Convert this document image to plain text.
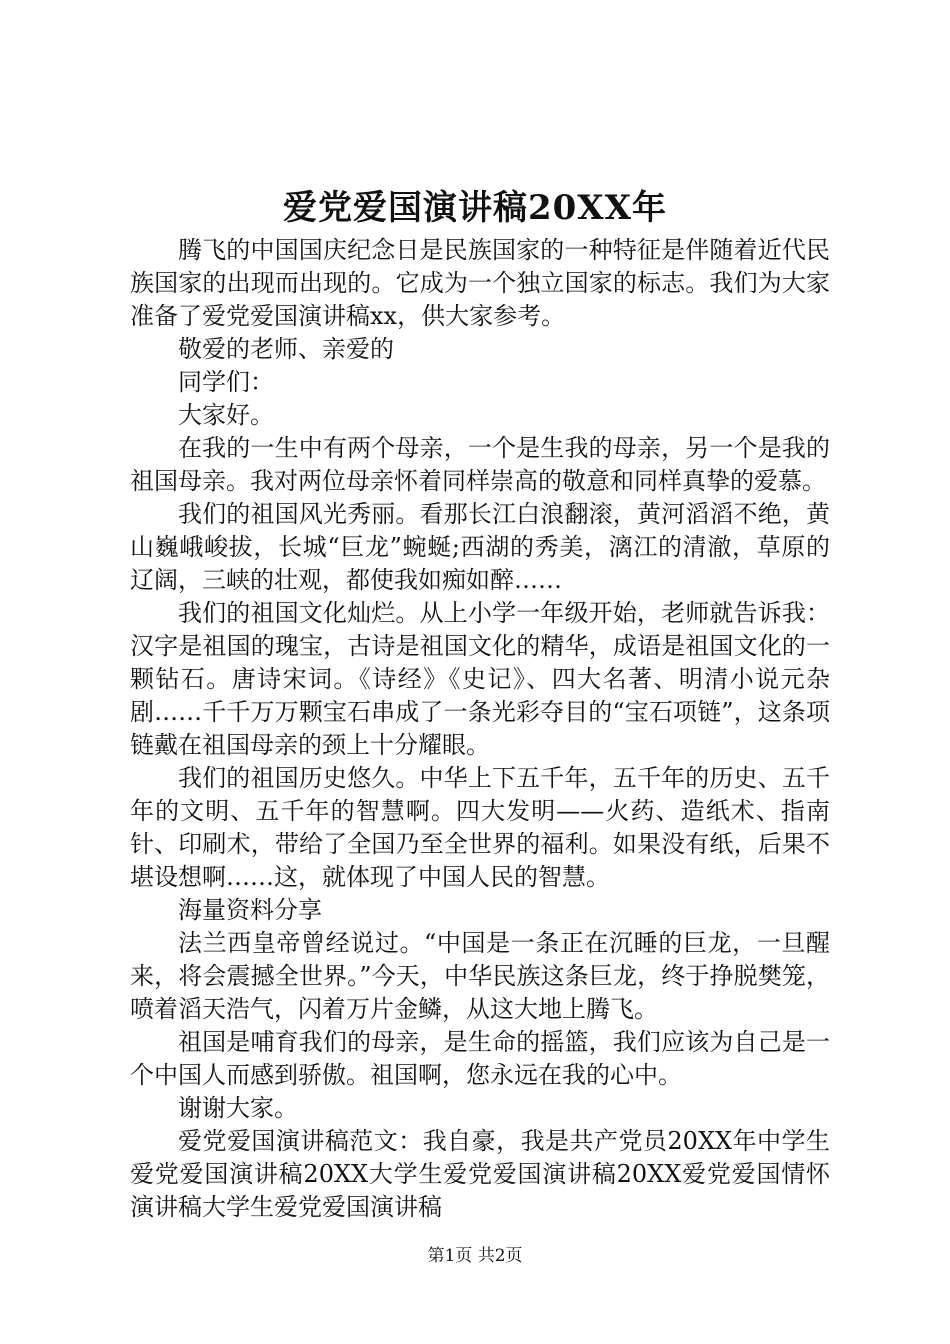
爱党爱国演讲稿20XX年

腾飞的中国国庆纪念日是民族国家的一种特征是伴随着近代民族国家的出现而出现的。它成为一个独立国家的标志。我们为大家准备了爱党爱国演讲稿xx，供大家参考。

敬爱的老师、亲爱的

同学们：

大家好。

在我的一生中有两个母亲，一个是生我的母亲，另一个是我的祖国母亲。我对两位母亲怀着同样崇高的敬意和同样真挚的爱慕。

我们的祖国风光秀丽。看那长江白浪翻滚，黄河滔滔不绝，黄山巍峨峻拔，长城“巨龙”蜿蜒;西湖的秀美，漓江的清澈，草原的辽阔，三峡的壮观，都使我如痴如醉……

我们的祖国文化灿烂。从上小学一年级开始，老师就告诉我：汉字是祖国的瑰宝，古诗是祖国文化的精华，成语是祖国文化的一颗钻石。唐诗宋词。《诗经》《史记》、四大名著、明清小说元杂剧……千千万万颗宝石串成了一条光彩夺目的“宝石项链”，这条项链戴在祖国母亲的颈上十分耀眼。

我们的祖国历史悠久。中华上下五千年，五千年的历史、五千年的文明、五千年的智慧啊。四大发明——火药、造纸术、指南针、印刷术，带给了全国乃至全世界的福利。如果没有纸，后果不堪设想啊……这，就体现了中国人民的智慧。

海量资料分享

法兰西皇帝曾经说过。“中国是一条正在沉睡的巨龙，一旦醒来，将会震撼全世界。”今天，中华民族这条巨龙，终于挣脱樊笼，喷着滔天浩气，闪着万片金鳞，从这大地上腾飞。

祖国是哺育我们的母亲，是生命的摇篮，我们应该为自己是一个中国人而感到骄傲。祖国啊，您永远在我的心中。

谢谢大家。

爱党爱国演讲稿范文：我自豪，我是共产党员20XX年中学生爱党爱国演讲稿20XX大学生爱党爱国演讲稿20XX爱党爱国情怀演讲稿大学生爱党爱国演讲稿

第1页 共2页
